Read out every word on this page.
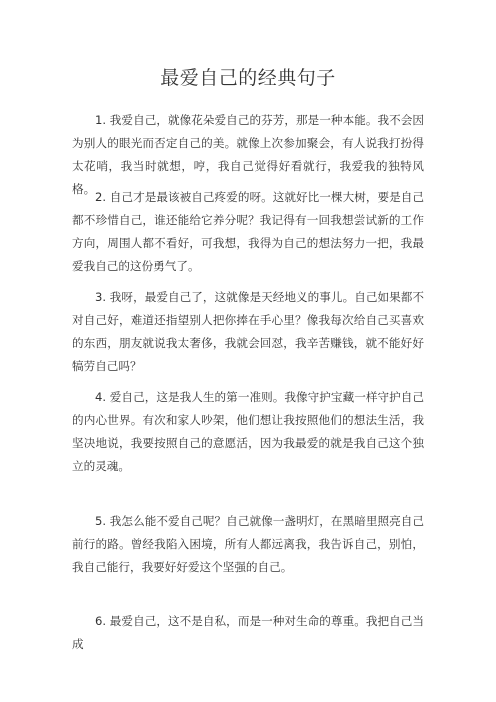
最爱自己的经典句子

1. 我爱自己，就像花朵爱自己的芬芳，那是一种本能。我不会因为别人的眼光而否定自己的美。就像上次参加聚会，有人说我打扮得太花哨，我当时就想，哼，我自己觉得好看就行，我爱我的独特风格。

2. 自己才是最该被自己疼爱的呀。这就好比一棵大树，要是自己都不珍惜自己，谁还能给它养分呢？我记得有一回我想尝试新的工作方向，周围人都不看好，可我想，我得为自己的想法努力一把，我最爱我自己的这份勇气了。

3. 我呀，最爱自己了，这就像是天经地义的事儿。自己如果都不对自己好，难道还指望别人把你捧在手心里？像我每次给自己买喜欢的东西，朋友就说我太奢侈，我就会回怼，我辛苦赚钱，就不能好好犒劳自己吗？

4. 爱自己，这是我人生的第一准则。我像守护宝藏一样守护自己的内心世界。有次和家人吵架，他们想让我按照他们的想法生活，我坚决地说，我要按照自己的意愿活，因为我最爱的就是我自己这个独立的灵魂。

5. 我怎么能不爱自己呢？自己就像一盏明灯，在黑暗里照亮自己前行的路。曾经我陷入困境，所有人都远离我，我告诉自己，别怕，我自己能行，我要好好爱这个坚强的自己。

6. 最爱自己，这不是自私，而是一种对生命的尊重。我把自己当成
